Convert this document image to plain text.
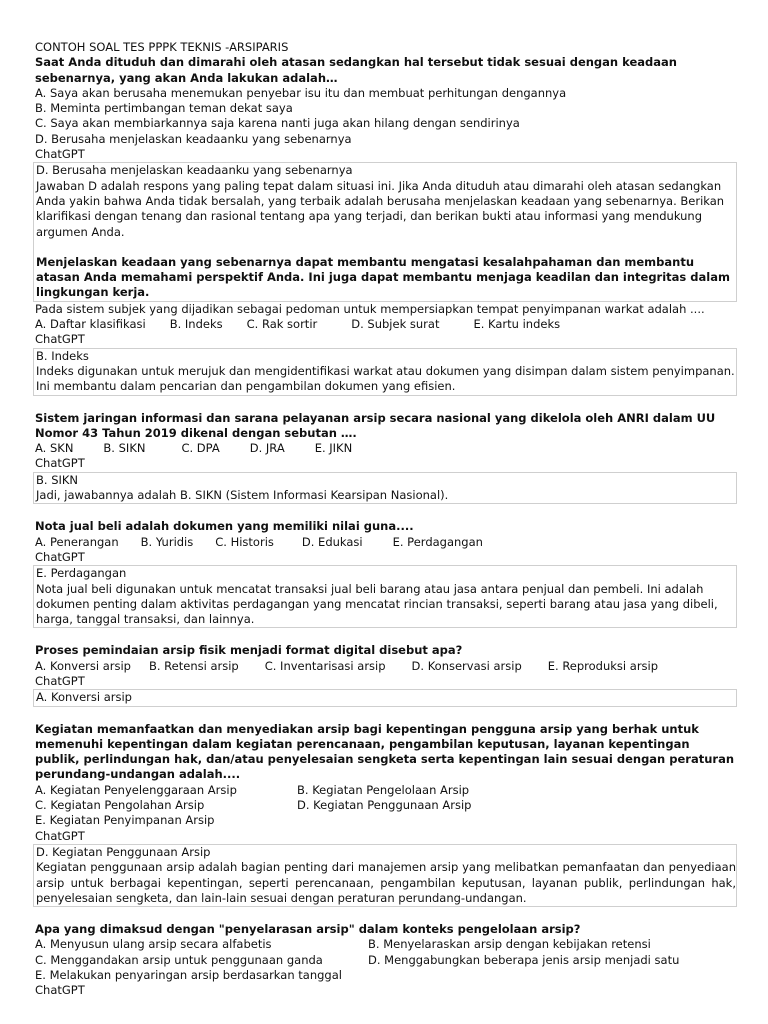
CONTOH SOAL TES PPPK TEKNIS -ARSIPARIS
Saat Anda dituduh dan dimarahi oleh atasan sedangkan hal tersebut tidak sesuai dengan keadaan sebenarnya, yang akan Anda lakukan adalah…
A. Saya akan berusaha menemukan penyebar isu itu dan membuat perhitungan dengannya
B. Meminta pertimbangan teman dekat saya
C. Saya akan membiarkannya saja karena nanti juga akan hilang dengan sendirinya
D. Berusaha menjelaskan keadaanku yang sebenarnya
ChatGPT
D. Berusaha menjelaskan keadaanku yang sebenarnya
Jawaban D adalah respons yang paling tepat dalam situasi ini. Jika Anda dituduh atau dimarahi oleh atasan sedangkan Anda yakin bahwa Anda tidak bersalah, yang terbaik adalah berusaha menjelaskan keadaan yang sebenarnya. Berikan klarifikasi dengan tenang dan rasional tentang apa yang terjadi, dan berikan bukti atau informasi yang mendukung argumen Anda.
Menjelaskan keadaan yang sebenarnya dapat membantu mengatasi kesalahpahaman dan membantu atasan Anda memahami perspektif Anda. Ini juga dapat membantu menjaga keadilan dan integritas dalam lingkungan kerja.
Pada sistem subjek yang dijadikan sebagai pedoman untuk mempersiapkan tempat penyimpanan warkat adalah ....
A. Daftar klasifikasi B. Indeks C. Rak sortir	D. Subjek surat	E. Kartu indeks
ChatGPT
B. Indeks
Indeks digunakan untuk merujuk dan mengidentifikasi warkat atau dokumen yang disimpan dalam sistem penyimpanan. Ini membantu dalam pencarian dan pengambilan dokumen yang efisien.
Sistem jaringan informasi dan sarana pelayanan arsip secara nasional yang dikelola oleh ANRI dalam UU Nomor 43 Tahun 2019 dikenal dengan sebutan ….
A. SKN	B. SIKN	C. DPA	D. JRA	E. JIKN
ChatGPT
B. SIKN
Jadi, jawabannya adalah B. SIKN (Sistem Informasi Kearsipan Nasional).
Nota jual beli adalah dokumen yang memiliki nilai guna....
A. Penerangan B. Yuridis C. Historis D. Edukasi	E. Perdagangan
ChatGPT
E. Perdagangan
Nota jual beli digunakan untuk mencatat transaksi jual beli barang atau jasa antara penjual dan pembeli. Ini adalah dokumen penting dalam aktivitas perdagangan yang mencatat rincian transaksi, seperti barang atau jasa yang dibeli, harga, tanggal transaksi, dan lainnya.
Proses pemindaian arsip fisik menjadi format digital disebut apa?
A. Konversi arsip B. Retensi arsip C. Inventarisasi arsip D. Konservasi arsip E. Reproduksi arsip
ChatGPT
A. Konversi arsip
Kegiatan memanfaatkan dan menyediakan arsip bagi kepentingan pengguna arsip yang berhak untuk memenuhi kepentingan dalam kegiatan perencanaan, pengambilan keputusan, layanan kepentingan publik, perlindungan hak, dan/atau penyelesaian sengketa serta kepentingan lain sesuai dengan peraturan perundang-undangan adalah....
A. Kegiatan Penyelenggaraan Arsip	B. Kegiatan Pengelolaan Arsip
C. Kegiatan Pengolahan Arsip	D. Kegiatan Penggunaan Arsip
E. Kegiatan Penyimpanan Arsip
ChatGPT
D. Kegiatan Penggunaan Arsip
Kegiatan penggunaan arsip adalah bagian penting dari manajemen arsip yang melibatkan pemanfaatan dan penyediaan arsip untuk berbagai kepentingan, seperti perencanaan, pengambilan keputusan, layanan publik, perlindungan hak, penyelesaian sengketa, dan lain-lain sesuai dengan peraturan perundang-undangan.
Apa yang dimaksud dengan "penyelarasan arsip" dalam konteks pengelolaan arsip?
A. Menyusun ulang arsip secara alfabetis	B. Menyelaraskan arsip dengan kebijakan retensi
C. Menggandakan arsip untuk penggunaan ganda	D. Menggabungkan beberapa jenis arsip menjadi satu
E. Melakukan penyaringan arsip berdasarkan tanggal
ChatGPT
